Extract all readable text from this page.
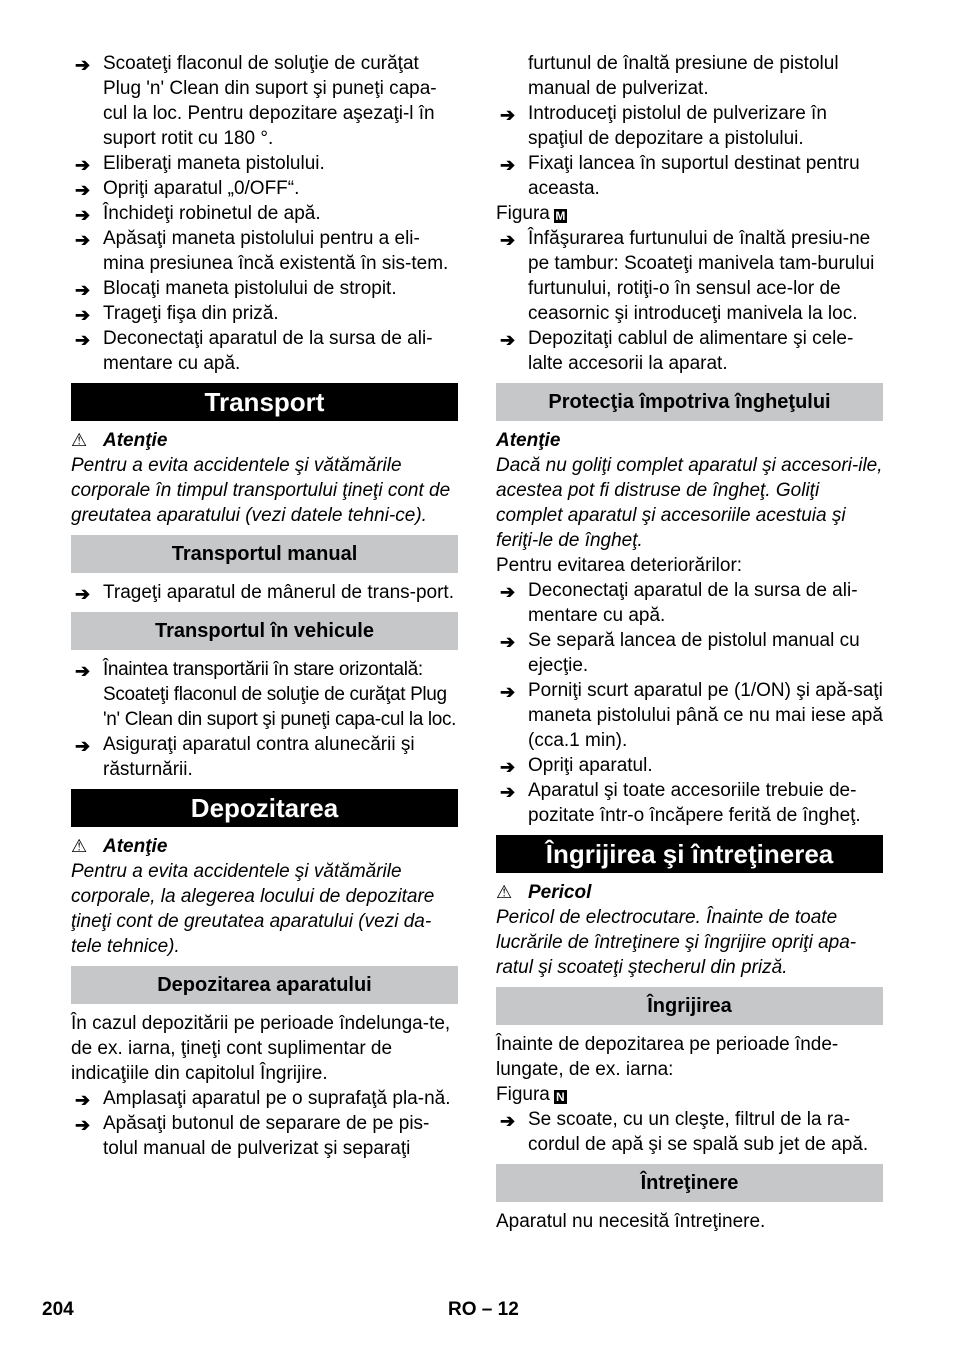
➔ Scoateţi flaconul de soluţie de curăţat Plug 'n' Clean din suport şi puneţi capa-cul la loc. Pentru depozitare aşezaţi-l în suport rotit cu 180 °.
➔ Eliberaţi maneta pistolului.
➔ Opriţi aparatul „0/OFF“.
➔ Închideţi robinetul de apă.
➔ Apăsaţi maneta pistolului pentru a eli-mina presiunea încă existentă în sis-tem.
➔ Blocaţi maneta pistolului de stropit.
➔ Trageţi fişa din priză.
➔ Deconectaţi aparatul de la sursa de ali-mentare cu apă.
Transport
⚠ Atenţie
Pentru a evita accidentele şi vătămările corporale în timpul transportului ţineţi cont de greutatea aparatului (vezi datele tehni-ce).
Transportul manual
➔ Trageţi aparatul de mânerul de trans-port.
Transportul în vehicule
➔ Înaintea transportării în stare orizontală: Scoateţi flaconul de soluţie de curăţat Plug 'n' Clean din suport şi puneţi capa-cul la loc.
➔ Asiguraţi aparatul contra alunecării şi răsturnării.
Depozitarea
⚠ Atenţie
Pentru a evita accidentele şi vătămările corporale, la alegerea locului de depozitare ţineţi cont de greutatea aparatului (vezi da-tele tehnice).
Depozitarea aparatului
În cazul depozitării pe perioade îndelunga-te, de ex. iarna, ţineţi cont suplimentar de indicaţiile din capitolul Îngrijire.
➔ Amplasaţi aparatul pe o suprafaţă pla-nă.
➔ Apăsaţi butonul de separare de pe pis-tolul manual de pulverizat şi separaţi
furtunul de înaltă presiune de pistolul manual de pulverizat.
➔ Introduceţi pistolul de pulverizare în spaţiul de depozitare a pistolului.
➔ Fixaţi lancea în suportul destinat pentru aceasta.
Figura M
➔ Înfăşurarea furtunului de înaltă presiu-ne pe tambur: Scoateţi manivela tam-burului furtunului, rotiţi-o în sensul ace-lor de ceasornic şi introduceţi manivela la loc.
➔ Depozitaţi cablul de alimentare şi cele-lalte accesorii la aparat.
Protecţia împotriva îngheţului
Atenţie
Dacă nu goliţi complet aparatul şi accesori-ile, acestea pot fi distruse de îngheţ. Goliţi complet aparatul şi accesoriile acestuia şi feriţi-le de îngheţ.
Pentru evitarea deteriorărilor:
➔ Deconectaţi aparatul de la sursa de ali-mentare cu apă.
➔ Se separă lancea de pistolul manual cu ejecţie.
➔ Porniţi scurt aparatul pe (1/ON) şi apă-saţi maneta pistolului până ce nu mai iese apă (cca.1 min).
➔ Opriţi aparatul.
➔ Aparatul şi toate accesoriile trebuie de-pozitate într-o încăpere ferită de îngheţ.
Îngrijirea şi întreţinerea
⚠ Pericol
Pericol de electrocutare. Înainte de toate lucrările de întreţinere şi îngrijire opriţi apa-ratul şi scoateţi ştecherul din priză.
Îngrijirea
Înainte de depozitarea pe perioade înde-lungate, de ex. iarna:
Figura N
➔ Se scoate, cu un cleşte, filtrul de la ra-cordul de apă şi se spală sub jet de apă.
Întreţinere
Aparatul nu necesită întreţinere.
204	RO – 12
